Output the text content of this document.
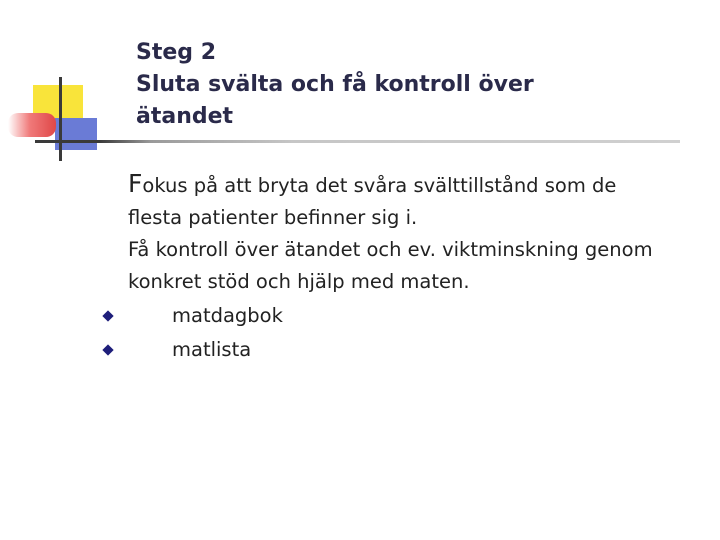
Steg 2
Sluta svälta och få kontroll över
ätandet
Fokus på att bryta det svåra svälttillstånd som de
flesta patienter befinner sig i.
Få kontroll över ätandet och ev. viktminskning genom
konkret stöd och hjälp med maten.
matdagbok
matlista
